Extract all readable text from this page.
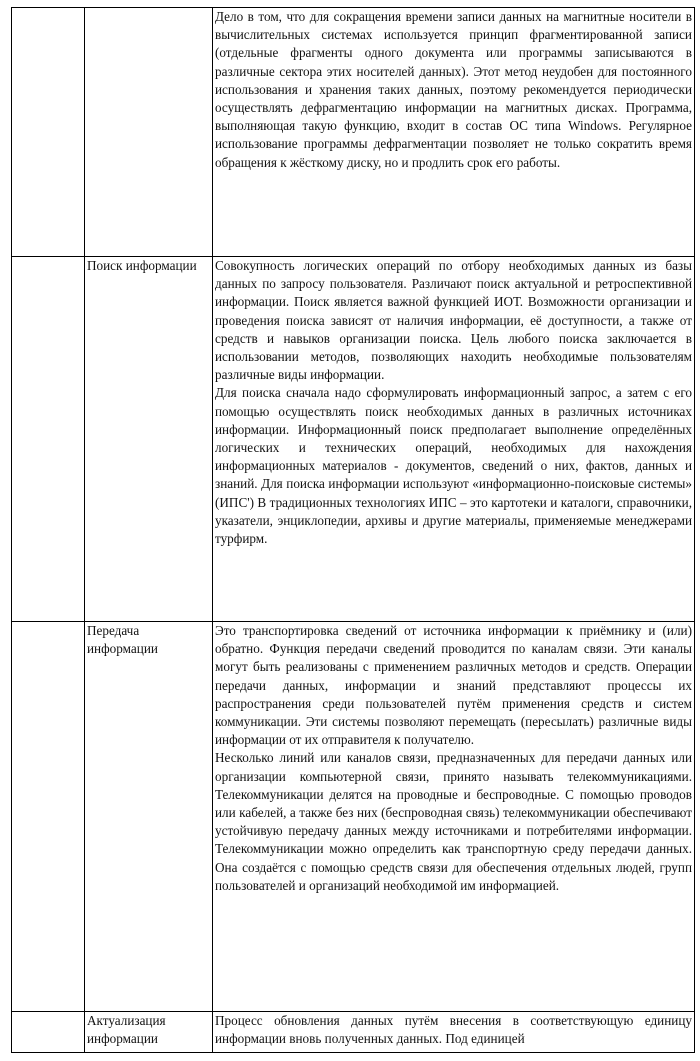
		Дело в том, что для сокращения времени записи данных на магнитные носители в вычислительных системах используется принцип фрагментированной записи (отдельные фрагменты одного документа или программы записываются в различные сектора этих носителей данных). Этот метод неудобен для постоянного использования и хранения таких данных, поэтому рекомендуется периодически осуществлять дефрагментацию информации на магнитных дисках. Программа, выполняющая такую функцию, входит в состав ОС типа Windows. Регулярное использование программы дефрагментации позволяет не только сократить время обращения к жёсткому диску, но и продлить срок его работы.

	Поиск информации	Совокупность логических операций по отбору необходимых данных из базы данных по запросу пользователя. Различают поиск актуальной и ретроспективной информации. Поиск является важной функцией ИОТ. Возможности организации и проведения поиска зависят от наличия информации, её доступности, а также от средств и навыков организации поиска. Цель любого поиска заключается в использовании методов, позволяющих находить необходимые пользователям различные виды информации.

Для поиска сначала надо сформулировать информационный запрос, а затем с его помощью осуществлять поиск необходимых данных в различных источниках информации. Информационный поиск предполагает выполнение определённых логических и технических операций, необходимых для нахождения информационных материалов - документов, сведений о них, фактов, данных и знаний. Для поиска информации используют «информационно-поисковые системы» (ИПС') В традиционных технологиях ИПС – это картотеки и каталоги, справочники, указатели, энциклопедии, архивы и другие материалы, применяемые менеджерами турфирм.

	Передача информации	Это транспортировка сведений от источника информации к приёмнику и (или) обратно. Функция передачи сведений проводится по каналам связи. Эти каналы могут быть реализованы с применением различных методов и средств. Операции передачи данных, информации и знаний представляют процессы их распространения среди пользователей путём применения средств и систем коммуникации. Эти системы позволяют перемещать (пересылать) различные виды информации от их отправителя к получателю.

Несколько линий или каналов связи, предназначенных для передачи данных или организации компьютерной связи, принято называть телекоммуникациями. Телекоммуникации делятся на проводные и беспроводные. С помощью проводов или кабелей, а также без них (беспроводная связь) телекоммуникации обеспечивают устойчивую передачу данных между источниками и потребителями информации. Телекоммуникации можно определить как транспортную среду передачи данных. Она создаётся с помощью средств связи для обеспечения отдельных людей, групп пользователей и организаций необходимой им информацией.

	Актуализация информации	Процесс обновления данных путём внесения в соответствующую единицу информации вновь полученных данных. Под единицей
